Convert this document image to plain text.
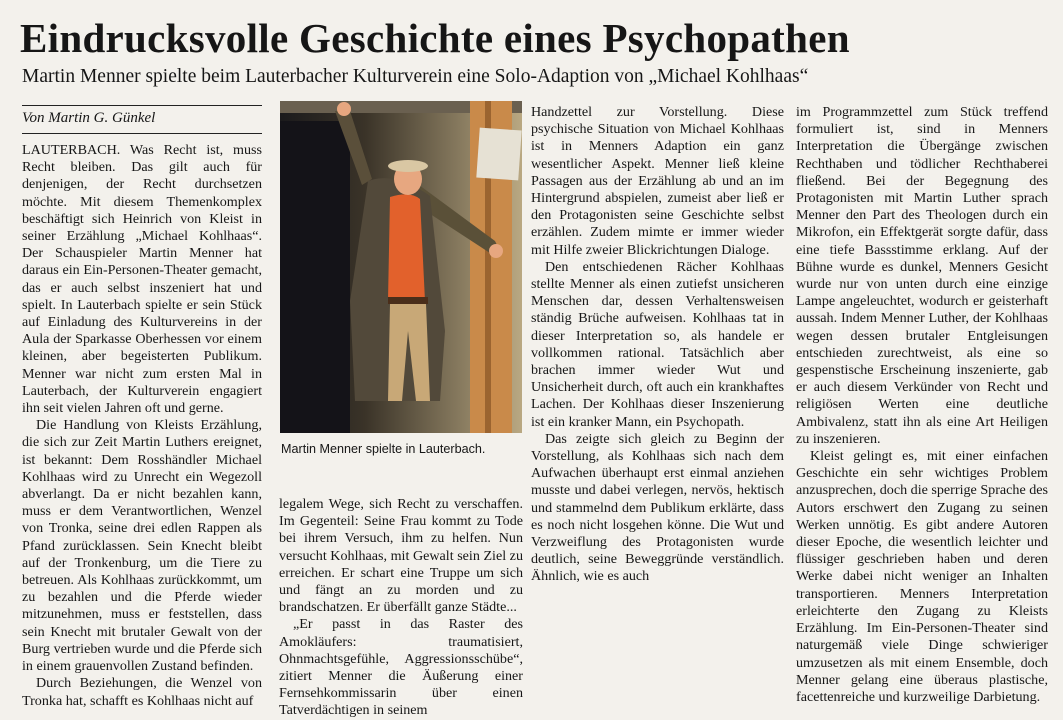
Eindrucksvolle Geschichte eines Psychopathen
Martin Menner spielte beim Lauterbacher Kulturverein eine Solo-Adaption von „Michael Kohlhaas“
Von Martin G. Günkel

LAUTERBACH. Was Recht ist, muss Recht bleiben. Das gilt auch für denjenigen, der Recht durchsetzen möchte. Mit diesem Themenkomplex beschäftigt sich Heinrich von Kleist in seiner Erzählung „Michael Kohlhaas“. Der Schauspieler Martin Menner hat daraus ein Ein-Personen-Theater gemacht, das er auch selbst inszeniert hat und spielt. In Lauterbach spielte er sein Stück auf Einladung des Kulturvereins in der Aula der Sparkasse Oberhessen vor einem kleinen, aber begeisterten Publikum. Menner war nicht zum ersten Mal in Lauterbach, der Kulturverein engagiert ihn seit vielen Jahren oft und gerne.

Die Handlung von Kleists Erzählung, die sich zur Zeit Martin Luthers ereignet, ist bekannt: Dem Rosshändler Michael Kohlhaas wird zu Unrecht ein Wegezoll abverlangt. Da er nicht bezahlen kann, muss er dem Verantwortlichen, Wenzel von Tronka, seine drei edlen Rappen als Pfand zurücklassen. Sein Knecht bleibt auf der Tronkenburg, um die Tiere zu betreuen. Als Kohlhaas zurückkommt, um zu bezahlen und die Pferde wieder mitzunehmen, muss er feststellen, dass sein Knecht mit brutaler Gewalt von der Burg vertrieben wurde und die Pferde sich in einem grauenvollen Zustand befinden.

Durch Beziehungen, die Wenzel von Tronka hat, schafft es Kohlhaas nicht auf

Martin Menner spielte in Lauterbach.

legalem Wege, sich Recht zu verschaffen. Im Gegenteil: Seine Frau kommt zu Tode bei ihrem Versuch, ihm zu helfen. Nun versucht Kohlhaas, mit Gewalt sein Ziel zu erreichen. Er schart eine Truppe um sich und fängt an zu morden und zu brandschatzen. Er überfällt ganze Städte...

„Er passt in das Raster des Amokläufers: traumatisiert, Ohnmachtsgefühle, Aggressionsschübe“, zitiert Menner die Äußerung einer Fernsehkommissarin über einen Tatverdächtigen in seinem

Handzettel zur Vorstellung. Diese psychische Situation von Michael Kohlhaas ist in Menners Adaption ein ganz wesentlicher Aspekt. Menner ließ kleine Passagen aus der Erzählung ab und an im Hintergrund abspielen, zumeist aber ließ er den Protagonisten seine Geschichte selbst erzählen. Zudem mimte er immer wieder mit Hilfe zweier Blickrichtungen Dialoge.

Den entschiedenen Rächer Kohlhaas stellte Menner als einen zutiefst unsicheren Menschen dar, dessen Verhaltensweisen ständig Brüche aufweisen. Kohlhaas tat in dieser Interpretation so, als handele er vollkommen rational. Tatsächlich aber brachen immer wieder Wut und Unsicherheit durch, oft auch ein krankhaftes Lachen. Der Kohlhaas dieser Inszenierung ist ein kranker Mann, ein Psychopath.

Das zeigte sich gleich zu Beginn der Vorstellung, als Kohlhaas sich nach dem Aufwachen überhaupt erst einmal anziehen musste und dabei verlegen, nervös, hektisch und stammelnd dem Publikum erklärte, dass es noch nicht losgehen könne. Die Wut und Verzweiflung des Protagonisten wurde deutlich, seine Beweggründe verständlich. Ähnlich, wie es auch

im Programmzettel zum Stück treffend formuliert ist, sind in Menners Interpretation die Übergänge zwischen Rechthaben und tödlicher Rechthaberei fließend. Bei der Begegnung des Protagonisten mit Martin Luther sprach Menner den Part des Theologen durch ein Mikrofon, ein Effektgerät sorgte dafür, dass eine tiefe Bassstimme erklang. Auf der Bühne wurde es dunkel, Menners Gesicht wurde nur von unten durch eine einzige Lampe angeleuchtet, wodurch er geisterhaft aussah. Indem Menner Luther, der Kohlhaas wegen dessen brutaler Entgleisungen entschieden zurechtweist, als eine so gespenstische Erscheinung inszenierte, gab er auch diesem Verkünder von Recht und religiösen Werten eine deutliche Ambivalenz, statt ihn als eine Art Heiligen zu inszenieren.

Kleist gelingt es, mit einer einfachen Geschichte ein sehr wichtiges Problem anzusprechen, doch die sperrige Sprache des Autors erschwert den Zugang zu seinen Werken unnötig. Es gibt andere Autoren dieser Epoche, die wesentlich leichter und flüssiger geschrieben haben und deren Werke dabei nicht weniger an Inhalten transportieren. Menners Interpretation erleichterte den Zugang zu Kleists Erzählung. Im Ein-Personen-Theater sind naturgemäß viele Dinge schwieriger umzusetzen als mit einem Ensemble, doch Menner gelang eine überaus plastische, facettenreiche und kurzweilige Darbietung.
